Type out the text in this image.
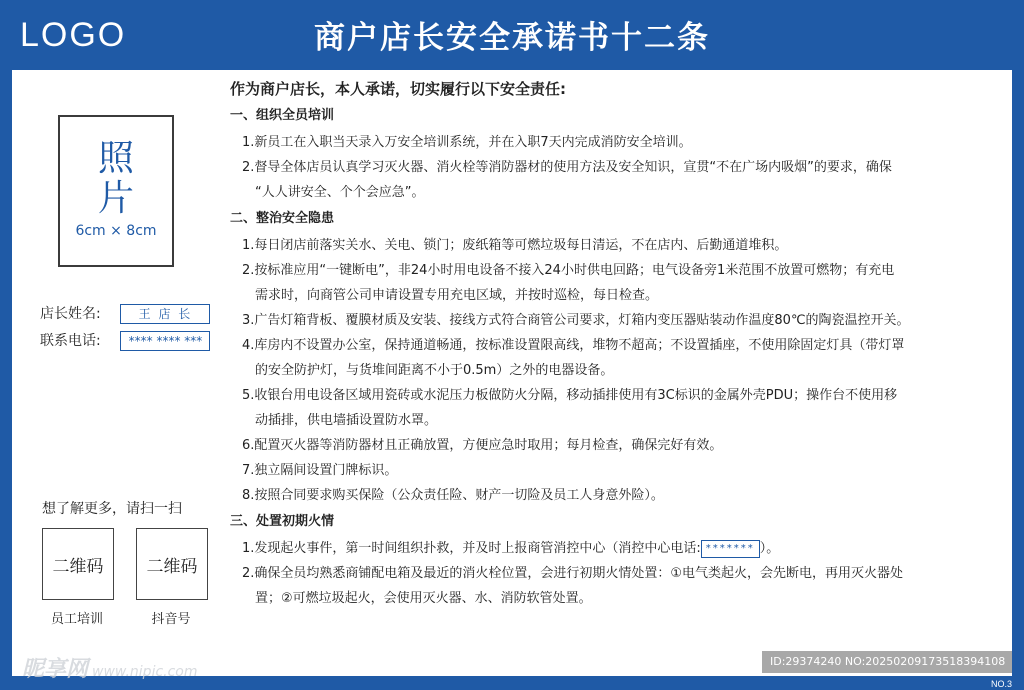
LOGO	商户店长安全承诺书十二条
照
片
6cm × 8cm
店长姓名:	王 店 长
联系电话: **** **** ***
想了解更多，请扫一扫
二维码	二维码
员工培训	抖音号
作为商户店长，本人承诺，切实履行以下安全责任:
一、组织全员培训
1.新员工在入职当天录入万安全培训系统，并在入职7天内完成消防安全培训。
2.督导全体店员认真学习灭火器、消火栓等消防器材的使用方法及安全知识，宣贯“不在广场内吸烟”的要求，确保
“人人讲安全、个个会应急”。
二、整治安全隐患
1.每日闭店前落实关水、关电、锁门；废纸箱等可燃垃圾每日清运，不在店内、后勤通道堆积。
2.按标准应用“一键断电”，非24小时用电设备不接入24小时供电回路；电气设备旁1米范围不放置可燃物；有充电
需求时，向商管公司申请设置专用充电区域，并按时巡检，每日检查。
3.广告灯箱背板、覆膜材质及安装、接线方式符合商管公司要求，灯箱内变压器贴装动作温度80℃的陶瓷温控开关。
4.库房内不设置办公室，保持通道畅通，按标准设置限高线，堆物不超高；不设置插座，不使用除固定灯具（带灯罩
的安全防护灯，与货堆间距离不小于0.5m）之外的电器设备。
5.收银台用电设备区域用瓷砖或水泥压力板做防火分隔，移动插排使用有3C标识的金属外壳PDU；操作台不使用移
动插排，供电墙插设置防水罩。
6.配置灭火器等消防器材且正确放置，方便应急时取用；每月检查，确保完好有效。
7.独立隔间设置门牌标识。
8.按照合同要求购买保险（公众责任险、财产一切险及员工人身意外险）。
三、处置初期火情
1.发现起火事件，第一时间组织扑救，并及时上报商管消控中心（消控中心电话: ******* ）。
2.确保全员均熟悉商铺配电箱及最近的消火栓位置，会进行初期火情处置：①电气类起火，会先断电，再用灭火器处
置；②可燃垃圾起火，会使用灭火器、水、消防软管处置。
昵享网 www.nipic.com
ID:29374240 NO:20250209173518394108
NO.3
